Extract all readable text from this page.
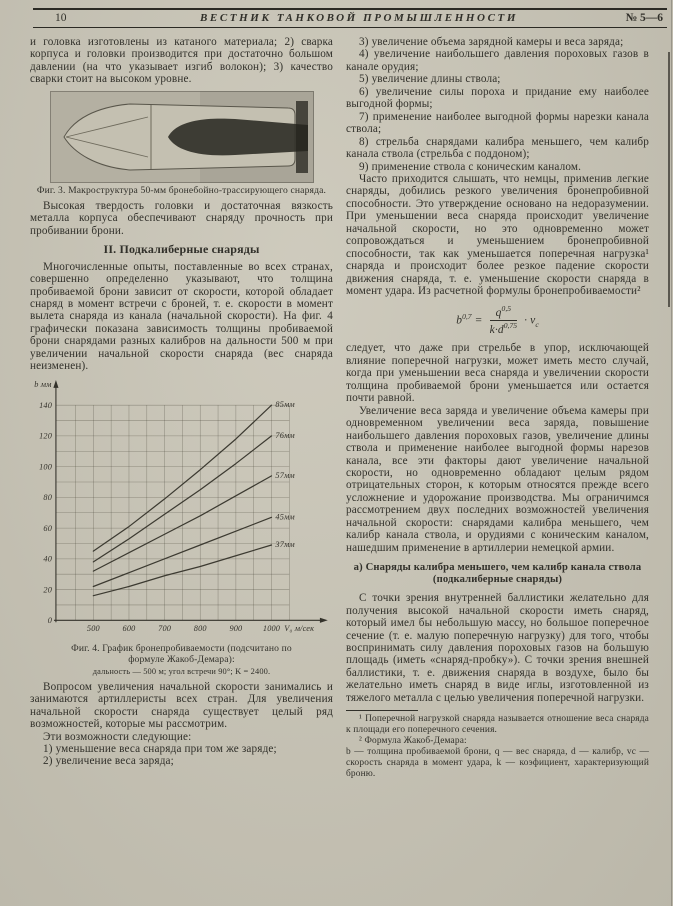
10	ВЕСТНИК ТАНКОВОЙ ПРОМЫШЛЕННОСТИ	№ 5—6

и головка изготовлены из катаного материала; 2) сварка корпуса и головки производится при достаточно большом давлении (на что указывает изгиб волокон); 3) качество сварки стоит на высоком уровне.

Фиг. 3. Макроструктура 50-мм бронебойно-трассирующего снаряда.

Высокая твердость головки и достаточная вязкость металла корпуса обеспечивают снаряду прочность при пробивании брони.

II. Подкалиберные снаряды

Многочисленные опыты, поставленные во всех странах, совершенно определенно указывают, что толщина пробиваемой брони зависит от скорости, которой обладает снаряд в момент встречи с броней, т. е. скорости в момент вылета снаряда из канала (начальной скорости). На фиг. 4 графически показана зависимость толщины пробиваемой брони снарядами разных калибров на дальности 500 м при увеличении начальной скорости снаряда (вес снаряда неизменен).

0
20
40
60
80
100
120
140
500	600	700	800	900 1000
b мм
V₀ м/сек
85мм
76мм
57мм
45мм
37мм
Фиг. 4. График бронепробиваемости (подсчитано по формуле Жакоб-Демара):
дальность — 500 м; угол встречи 90°; K = 2400.

Вопросом увеличения начальной скорости занимались и занимаются артиллеристы всех стран. Для увеличения начальной скорости снаряда существует целый ряд возможностей, которые мы рассмотрим.

Эти возможности следующие:

1) уменьшение веса снаряда при том же заряде;

2) увеличение веса заряда;

3) увеличение объема зарядной камеры и веса заряда;

4) увеличение наибольшего давления пороховых газов в канале орудия;

5) увеличение длины ствола;

6) увеличение силы пороха и придание ему наиболее выгодной формы;

7) применение наиболее выгодной формы нарезки канала ствола;

8) стрельба снарядами калибра меньшего, чем калибр канала ствола (стрельба с поддоном);

9) применение ствола с коническим каналом.

Часто приходится слышать, что немцы, применив легкие снаряды, добились резкого увеличения бронепробивной способности. Это утверждение основано на недоразумении. При уменьшении веса снаряда происходит увеличение начальной скорости, но это одновременно может сопровождаться и уменьшением бронепробивной способности, так как уменьшается поперечная нагрузка¹ снаряда и происходит более резкое падение скорости движения снаряда, т. е. уменьшение скорости снаряда в момент удара. Из расчетной формулы бронепробиваемости²

$b^{0,7} = \frac{q^{0,5}}{k\cdot d^{0,75}} \cdot v_c$

следует, что даже при стрельбе в упор, исключающей влияние поперечной нагрузки, может иметь место случай, когда при уменьшении веса снаряда и увеличении скорости толщина пробиваемой брони уменьшается или остается почти равной.

Увеличение веса заряда и увеличение объема камеры при одновременном увеличении веса заряда, повышение наибольшего давления пороховых газов, увеличение длины ствола и применение наиболее выгодной формы нарезов канала, все эти факторы дают увеличение начальной скорости, но одновременно обладают целым рядом отрицательных сторон, к которым относятся прежде всего усложнение и удорожание производства. Мы ограничимся рассмотрением двух последних возможностей увеличения начальной скорости: снарядами калибра меньшего, чем калибр канала ствола, и орудиями с коническим каналом, нашедшим применение в артиллерии немецкой армии.

а) Снаряды калибра меньшего, чем калибр канала ствола
(подкалиберные снаряды)

С точки зрения внутренней баллистики желательно для получения высокой начальной скорости иметь снаряд, который имел бы небольшую массу, но большое поперечное сечение (т. е. малую поперечную нагрузку) для того, чтобы воспринимать силу давления пороховых газов на большую площадь (иметь «снаряд-пробку»). С точки зрения внешней баллистики, т. е. движения снаряда в воздухе, было бы желательно иметь снаряд в виде иглы, изготовленной из тяжелого металла с целью увеличения поперечной нагрузки.

¹ Поперечной нагрузкой снаряда называется отношение веса снаряда к площади его поперечного сечения.

² Формула Жакоб-Демара:

b — толщина пробиваемой брони, q — вес снаряда, d — калибр, vc — скорость снаряда в момент удара, k — коэфициент, характеризующий броню.
